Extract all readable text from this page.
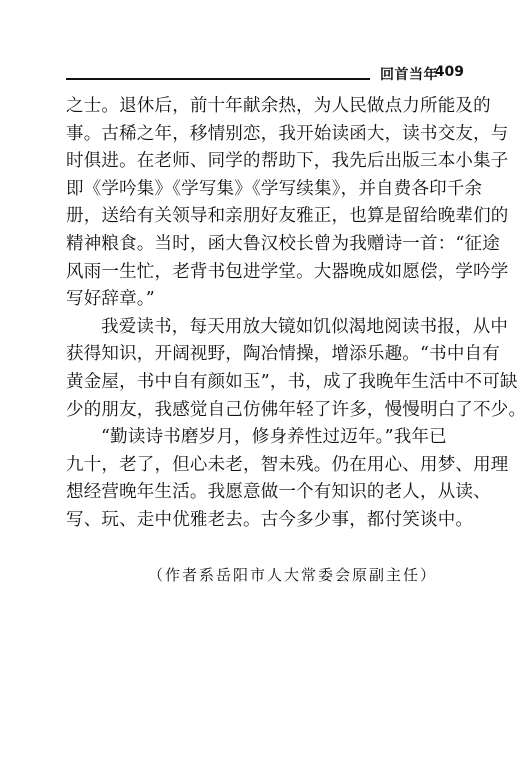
回首当年
409
之士。退休后，前十年献余热，为人民做点力所能及的
事。古稀之年，移情别恋，我开始读函大，读书交友，与
时俱进。在老师、同学的帮助下，我先后出版三本小集子
即《学吟集》《学写集》《学写续集》，并自费各印千余
册，送给有关领导和亲朋好友雅正，也算是留给晚辈们的
精神粮食。当时，函大鲁汉校长曾为我赠诗一首：“征途
风雨一生忙，老背书包进学堂。大器晚成如愿偿，学吟学
写好辞章。”
我爱读书，每天用放大镜如饥似渴地阅读书报，从中
获得知识，开阔视野，陶冶情操，增添乐趣。“书中自有
黄金屋，书中自有颜如玉”，书，成了我晚年生活中不可缺
少的朋友，我感觉自己仿佛年轻了许多，慢慢明白了不少。
“勤读诗书磨岁月，修身养性过迈年。”我年已
九十，老了，但心未老，智未残。仍在用心、用梦、用理
想经营晚年生活。我愿意做一个有知识的老人，从读、
写、玩、走中优雅老去。古今多少事，都付笑谈中。
（作者系岳阳市人大常委会原副主任）
